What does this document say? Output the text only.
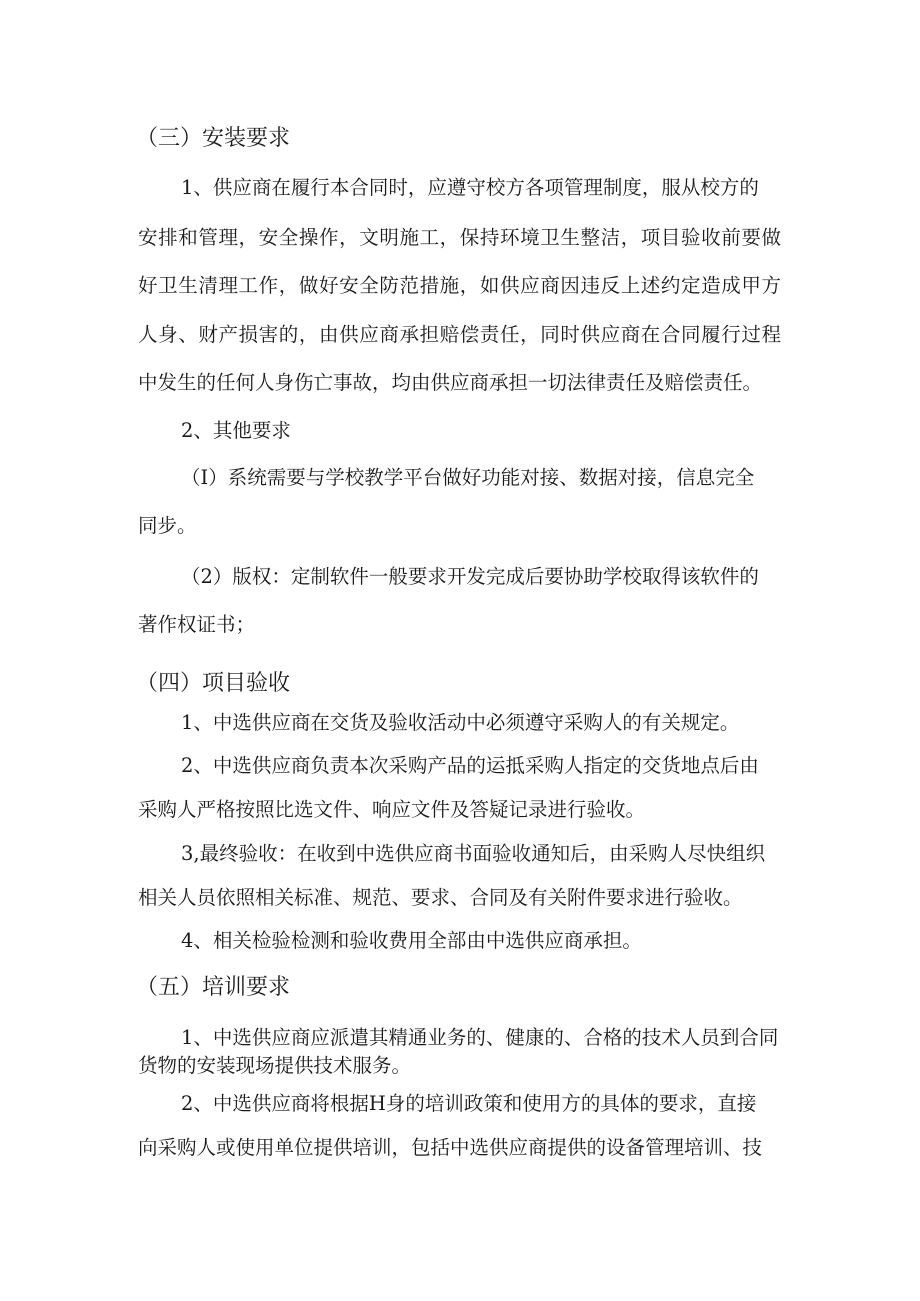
（三）安装要求
1、供应商在履行本合同时，应遵守校方各项管理制度，服从校方的
安排和管理，安全操作，文明施工，保持环境卫生整洁，项目验收前要做
好卫生清理工作，做好安全防范措施，如供应商因违反上述约定造成甲方
人身、财产损害的，由供应商承担赔偿责任，同时供应商在合同履行过程
中发生的任何人身伤亡事故，均由供应商承担一切法律责任及赔偿责任。
2、其他要求
（I）系统需要与学校教学平台做好功能对接、数据对接，信息完全
同步。
（2）版权：定制软件一般要求开发完成后要协助学校取得该软件的
著作权证书；
（四）项目验收
1、中选供应商在交货及验收活动中必须遵守采购人的有关规定。
2、中选供应商负责本次采购产品的运抵采购人指定的交货地点后由
采购人严格按照比选文件、响应文件及答疑记录进行验收。
3,最终验收：在收到中选供应商书面验收通知后，由采购人尽快组织
相关人员依照相关标准、规范、要求、合同及有关附件要求进行验收。
4、相关检验检测和验收费用全部由中选供应商承担。
（五）培训要求
1、中选供应商应派遣其精通业务的、健康的、合格的技术人员到合同
货物的安装现场提供技术服务。
2、中选供应商将根据H身的培训政策和使用方的具体的要求，直接
向采购人或使用单位提供培训，包括中选供应商提供的设备管理培训、技
